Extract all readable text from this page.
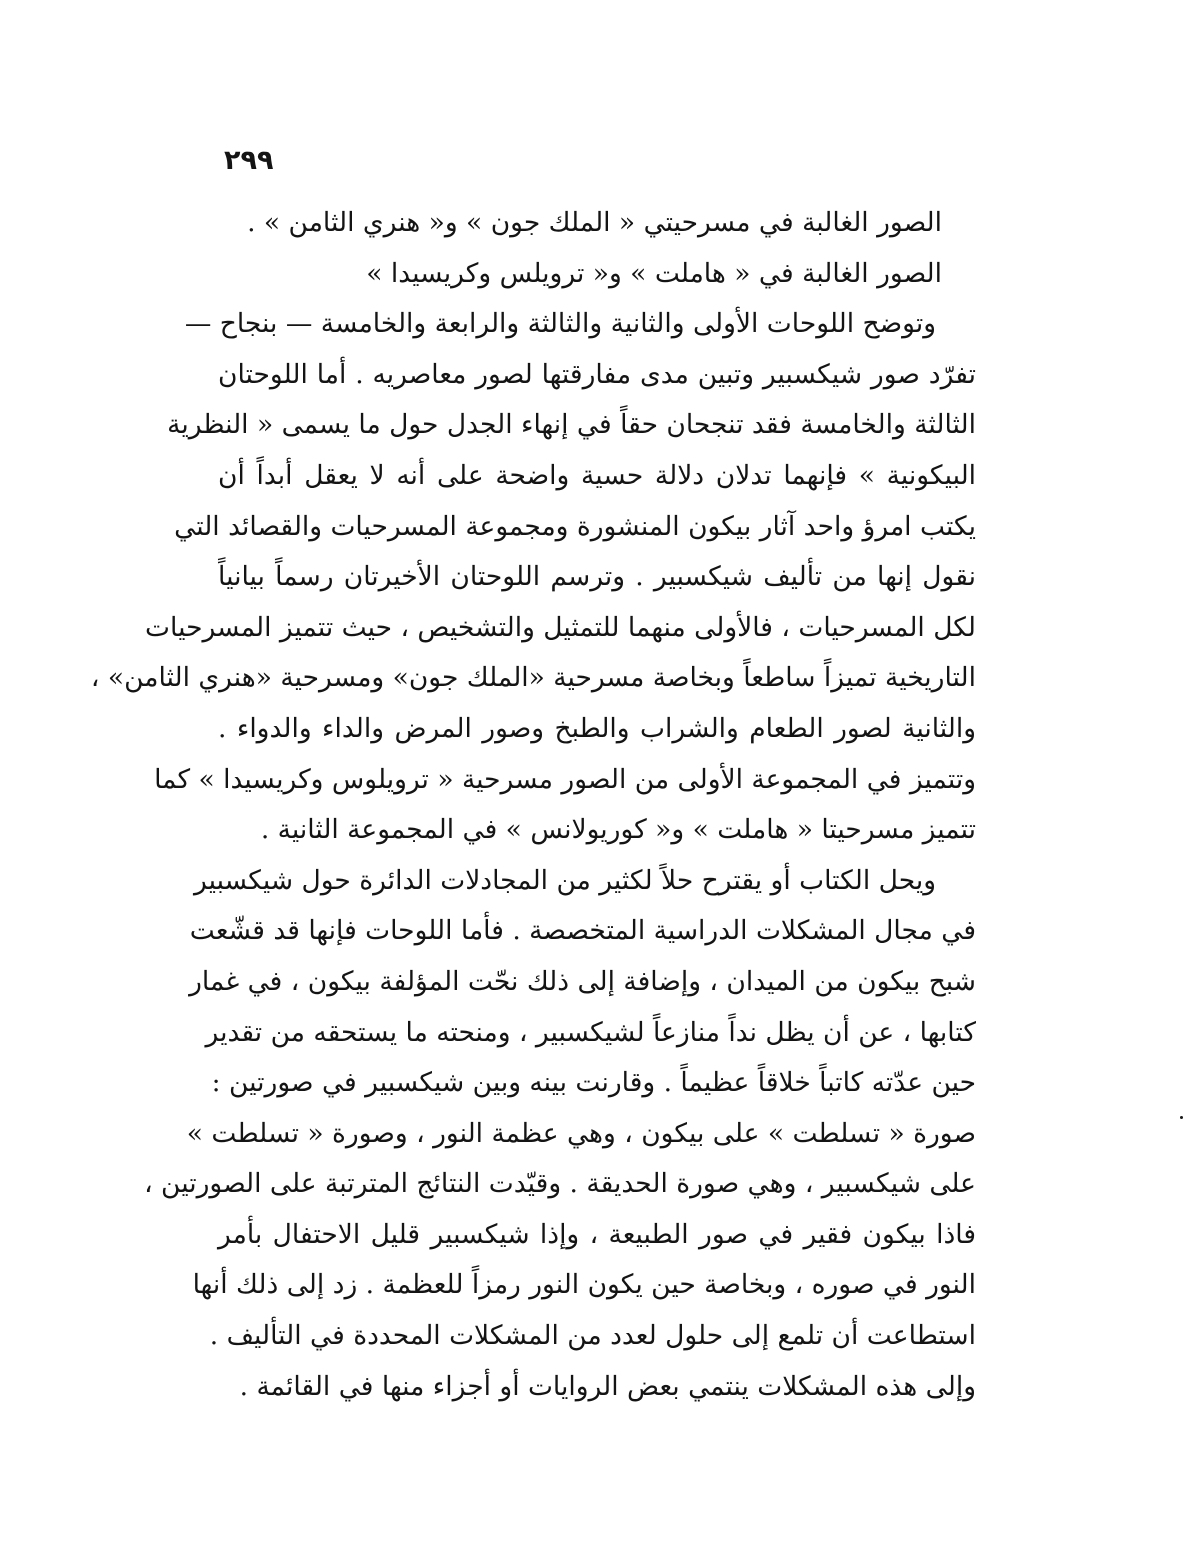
٢٩٩
الصور الغالبة في مسرحيتي « الملك جون » و« هنري الثامن » .
الصور الغالبة في « هاملت » و« ترويلس وكريسيدا »
وتوضح اللوحات الأولى والثانية والثالثة والرابعة والخامسة — بنجاح —
تفرّد صور شيكسبير وتبين مدى مفارقتها لصور معاصريه . أما اللوحتان
الثالثة والخامسة فقد تنجحان حقاً في إنهاء الجدل حول ما يسمى « النظرية
البيكونية » فإنهما تدلان دلالة حسية واضحة على أنه لا يعقل أبداً أن
يكتب امرؤ واحد آثار بيكون المنشورة ومجموعة المسرحيات والقصائد التي
نقول إنها من تأليف شيكسبير . وترسم اللوحتان الأخيرتان رسماً بيانياً
لكل المسرحيات ، فالأولى منهما للتمثيل والتشخيص ، حيث تتميز المسرحيات
التاريخية تميزاً ساطعاً وبخاصة مسرحية «الملك جون» ومسرحية «هنري الثامن» ،
والثانية لصور الطعام والشراب والطبخ وصور المرض والداء والدواء .
وتتميز في المجموعة الأولى من الصور مسرحية « ترويلوس وكريسيدا » كما
تتميز مسرحيتا « هاملت » و« كوريولانس » في المجموعة الثانية .
ويحل الكتاب أو يقترح حلاً لكثير من المجادلات الدائرة حول شيكسبير
في مجال المشكلات الدراسية المتخصصة . فأما اللوحات فإنها قد قشّعت
شبح بيكون من الميدان ، وإضافة إلى ذلك نحّت المؤلفة بيكون ، في غمار
كتابها ، عن أن يظل نداً منازعاً لشيكسبير ، ومنحته ما يستحقه من تقدير
حين عدّته كاتباً خلاقاً عظيماً . وقارنت بينه وبين شيكسبير في صورتين :
صورة « تسلطت » على بيكون ، وهي عظمة النور ، وصورة « تسلطت »
على شيكسبير ، وهي صورة الحديقة . وقيّدت النتائج المترتبة على الصورتين ،
فاذا بيكون فقير في صور الطبيعة ، وإذا شيكسبير قليل الاحتفال بأمر
النور في صوره ، وبخاصة حين يكون النور رمزاً للعظمة . زد إلى ذلك أنها
استطاعت أن تلمع إلى حلول لعدد من المشكلات المحددة في التأليف .
وإلى هذه المشكلات ينتمي بعض الروايات أو أجزاء منها في القائمة .
